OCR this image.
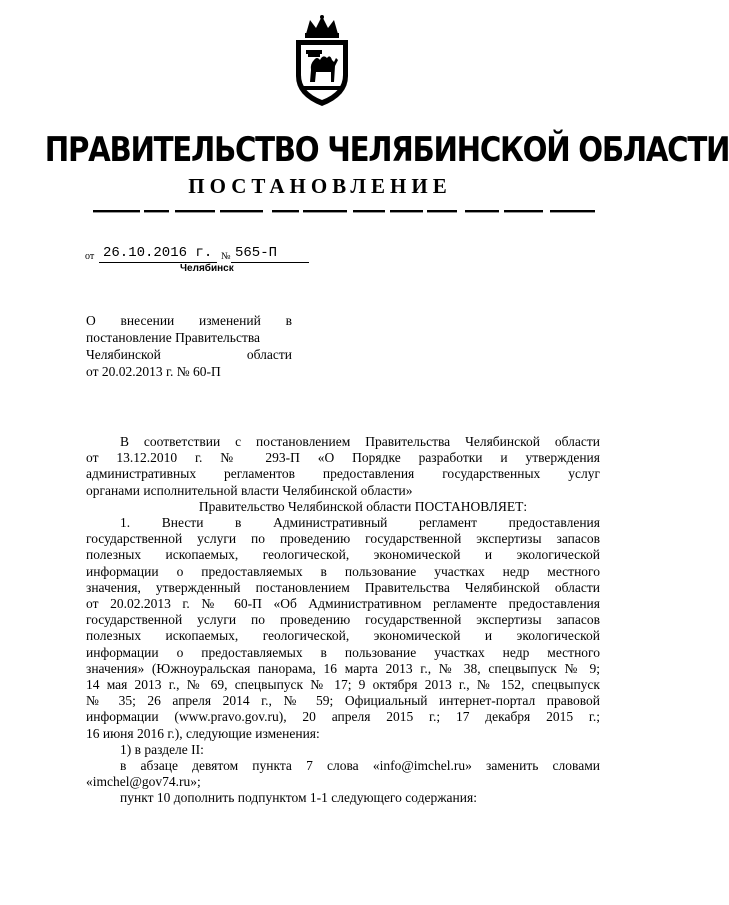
ПРАВИТЕЛЬСТВО ЧЕЛЯБИНСКОЙ ОБЛАСТИ
ПОСТАНОВЛЕНИЕ
от 26.10.2016 г. № 565-П
Челябинск
О внесении изменений в
постановление Правительства
Челябинской области
от 20.02.2013 г. № 60-П
В соответствии с постановлением Правительства Челябинской области
от 13.12.2010 г. № 293-П «О Порядке разработки и утверждения
административных регламентов предоставления государственных услуг
органами исполнительной власти Челябинской области»
Правительство Челябинской области ПОСТАНОВЛЯЕТ:
1. Внести в Административный регламент предоставления
государственной услуги по проведению государственной экспертизы запасов
полезных ископаемых, геологической, экономической и экологической
информации о предоставляемых в пользование участках недр местного
значения, утвержденный постановлением Правительства Челябинской области
от 20.02.2013 г. № 60-П «Об Административном регламенте предоставления
государственной услуги по проведению государственной экспертизы запасов
полезных ископаемых, геологической, экономической и экологической
информации о предоставляемых в пользование участках недр местного
значения» (Южноуральская панорама, 16 марта 2013 г., № 38, спецвыпуск № 9;
14 мая 2013 г., № 69, спецвыпуск № 17; 9 октября 2013 г., № 152, спецвыпуск
№ 35; 26 апреля 2014 г., № 59; Официальный интернет-портал правовой
информации (www.pravo.gov.ru), 20 апреля 2015 г.; 17 декабря 2015 г.;
16 июня 2016 г.), следующие изменения:
1) в разделе II:
в абзаце девятом пункта 7 слова «info@imchel.ru» заменить словами
«imchel@gov74.ru»;
пункт 10 дополнить подпунктом 1-1 следующего содержания:
